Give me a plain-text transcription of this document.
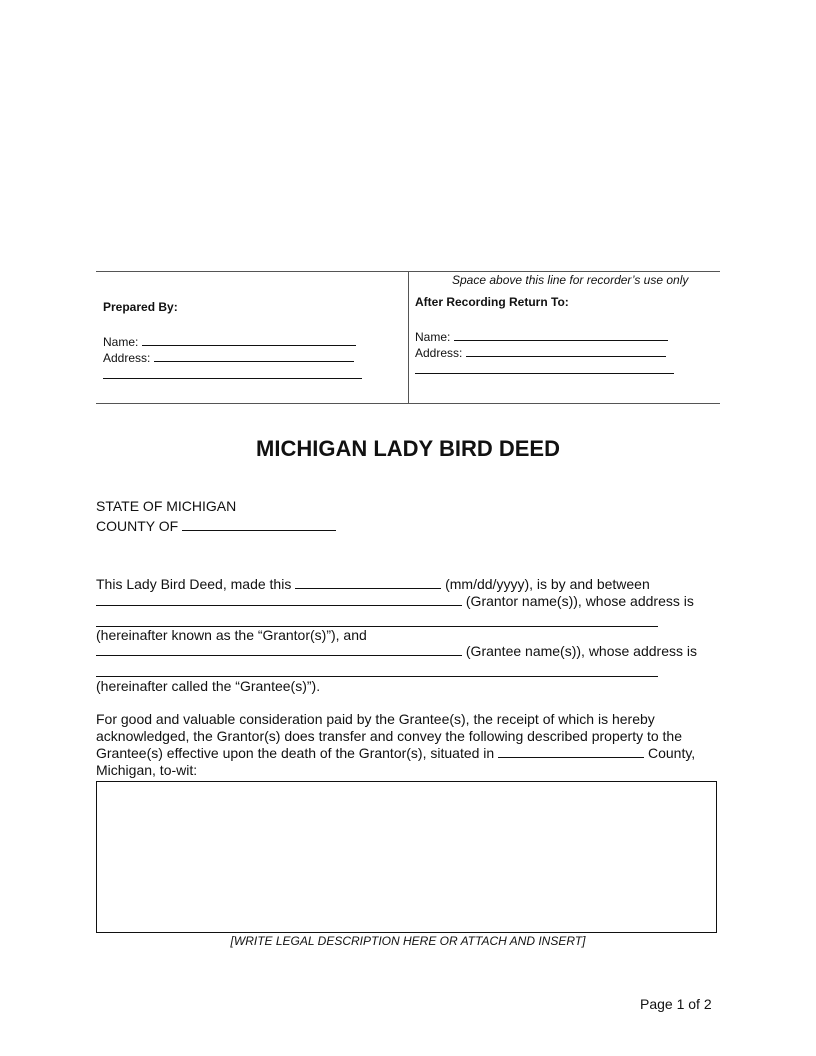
Space above this line for recorder’s use only
Prepared By:
Name:
Address:
After Recording Return To:
Name:
Address:
MICHIGAN LADY BIRD DEED
STATE OF MICHIGAN
COUNTY OF
This Lady Bird Deed, made this	(mm/dd/yyyy), is by and between
(Grantor name(s)), whose address is
(hereinafter known as the “Grantor(s)”), and
(Grantee name(s)), whose address is
(hereinafter called the “Grantee(s)”).
For good and valuable consideration paid by the Grantee(s), the receipt of which is hereby
acknowledged, the Grantor(s) does transfer and convey the following described property to the
Grantee(s) effective upon the death of the Grantor(s), situated in	County,
Michigan, to-wit:
[WRITE LEGAL DESCRIPTION HERE OR ATTACH AND INSERT]
Page 1 of 2
